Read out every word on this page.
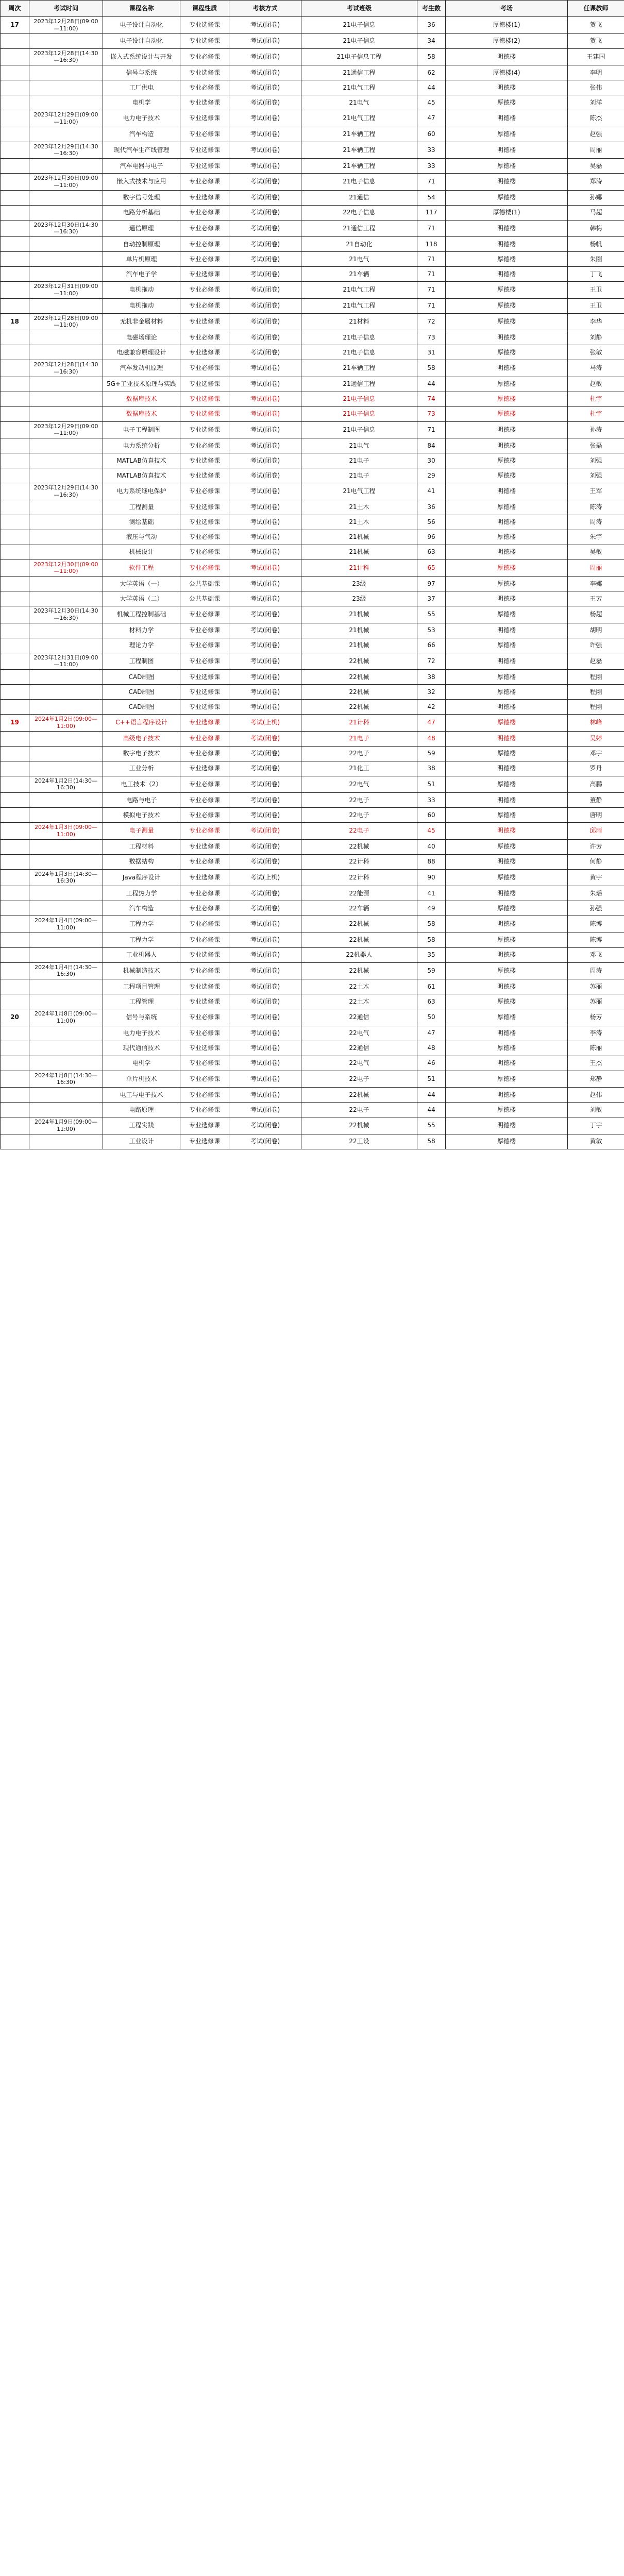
周次	考试时间	课程名称	课程性质	考核方式	考试班级	考生数	考场	任课教师
17	2023年12月28日(09:00—11:00)	电子设计自动化	专业选修课	考试(闭卷)	21电子信息	36	厚德楼(1)	贺飞
		电子设计自动化	专业选修课	考试(闭卷)	21电子信息	34	厚德楼(2)	贺飞
	2023年12月28日(14:30—16:30)	嵌入式系统设计与开发	专业必修课	考试(闭卷)	21电子信息工程	58	明德楼	王建国
		信号与系统	专业选修课	考试(闭卷)	21通信工程	62	厚德楼(4)	李明
		工厂供电	专业必修课	考试(闭卷)	21电气工程	44	明德楼	张伟
		电机学	专业选修课	考试(闭卷)	21电气	45	厚德楼	刘洋
	2023年12月29日(09:00—11:00)	电力电子技术	专业选修课	考试(闭卷)	21电气工程	47	明德楼	陈杰
		汽车构造	专业必修课	考试(闭卷)	21车辆工程	60	厚德楼	赵强
	2023年12月29日(14:30—16:30)	现代汽车生产线管理	专业选修课	考试(闭卷)	21车辆工程	33	明德楼	周丽
		汽车电器与电子	专业选修课	考试(闭卷)	21车辆工程	33	厚德楼	吴磊
	2023年12月30日(09:00—11:00)	嵌入式技术与应用	专业必修课	考试(闭卷)	21电子信息	71	明德楼	郑涛
		数字信号处理	专业选修课	考试(闭卷)	21通信	54	厚德楼	孙娜
		电路分析基础	专业必修课	考试(闭卷)	22电子信息	117	厚德楼(1)	马超
	2023年12月30日(14:30—16:30)	通信原理	专业必修课	考试(闭卷)	21通信工程	71	明德楼	韩梅
		自动控制原理	专业必修课	考试(闭卷)	21自动化	118	明德楼	杨帆
		单片机原理	专业必修课	考试(闭卷)	21电气	71	厚德楼	朱刚
		汽车电子学	专业选修课	考试(闭卷)	21车辆	71	明德楼	丁飞
	2023年12月31日(09:00—11:00)	电机拖动	专业必修课	考试(闭卷)	21电气工程	71	厚德楼	王卫
		电机拖动	专业必修课	考试(闭卷)	21电气工程	71	厚德楼	王卫
18	2023年12月28日(09:00—11:00)	无机非金属材料	专业选修课	考试(闭卷)	21材料	72	厚德楼	李华
		电磁场理论	专业必修课	考试(闭卷)	21电子信息	73	明德楼	刘静
		电磁兼容原理设计	专业选修课	考试(闭卷)	21电子信息	31	厚德楼	张敏
	2023年12月28日(14:30—16:30)	汽车发动机原理	专业必修课	考试(闭卷)	21车辆工程	58	明德楼	马涛
		5G+工业技术原理与实践	专业选修课	考试(闭卷)	21通信工程	44	厚德楼	赵敏
		数据库技术	专业选修课	考试(闭卷)	21电子信息	74	厚德楼	杜宇
		数据库技术	专业选修课	考试(闭卷)	21电子信息	73	厚德楼	杜宇
	2023年12月29日(09:00—11:00)	电子工程制图	专业选修课	考试(闭卷)	21电子信息	71	明德楼	孙涛
		电力系统分析	专业必修课	考试(闭卷)	21电气	84	明德楼	张磊
		MATLAB仿真技术	专业选修课	考试(闭卷)	21电子	30	厚德楼	刘强
		MATLAB仿真技术	专业选修课	考试(闭卷)	21电子	29	厚德楼	刘强
	2023年12月29日(14:30—16:30)	电力系统继电保护	专业必修课	考试(闭卷)	21电气工程	41	明德楼	王军
		工程测量	专业选修课	考试(闭卷)	21土木	36	厚德楼	陈涛
		测绘基础	专业选修课	考试(闭卷)	21土木	56	明德楼	周涛
		液压与气动	专业必修课	考试(闭卷)	21机械	96	厚德楼	朱宇
		机械设计	专业必修课	考试(闭卷)	21机械	63	明德楼	吴敏
	2023年12月30日(09:00—11:00)	软件工程	专业必修课	考试(闭卷)	21计科	65	厚德楼	周丽
		大学英语（一）	公共基础课	考试(闭卷)	23级	97	厚德楼	李娜
		大学英语（二）	公共基础课	考试(闭卷)	23级	37	明德楼	王芳
	2023年12月30日(14:30—16:30)	机械工程控制基础	专业必修课	考试(闭卷)	21机械	55	厚德楼	杨超
		材料力学	专业必修课	考试(闭卷)	21机械	53	明德楼	胡明
		理论力学	专业必修课	考试(闭卷)	21机械	66	厚德楼	许强
	2023年12月31日(09:00—11:00)	工程制图	专业必修课	考试(闭卷)	22机械	72	明德楼	赵磊
		CAD制图	专业选修课	考试(闭卷)	22机械	38	厚德楼	程刚
		CAD制图	专业选修课	考试(闭卷)	22机械	32	厚德楼	程刚
		CAD制图	专业选修课	考试(闭卷)	22机械	42	明德楼	程刚
19	2024年1月2日(09:00—11:00)	C++语言程序设计	专业选修课	考试(上机)	21计科	47	厚德楼	林峰
		高级电子技术	专业必修课	考试(闭卷)	21电子	48	明德楼	吴婷
		数字电子技术	专业必修课	考试(闭卷)	22电子	59	厚德楼	邓宇
		工业分析	专业选修课	考试(闭卷)	21化工	38	明德楼	罗丹
	2024年1月2日(14:30—16:30)	电工技术（2）	专业必修课	考试(闭卷)	22电气	51	厚德楼	高鹏
		电路与电子	专业必修课	考试(闭卷)	22电子	33	明德楼	董静
		模拟电子技术	专业必修课	考试(闭卷)	22电子	60	厚德楼	唐明
	2024年1月3日(09:00—11:00)	电子测量	专业必修课	考试(闭卷)	22电子	45	明德楼	邱雨
		工程材料	专业选修课	考试(闭卷)	22机械	40	厚德楼	许芳
		数据结构	专业必修课	考试(闭卷)	22计科	88	明德楼	何静
	2024年1月3日(14:30—16:30)	Java程序设计	专业选修课	考试(上机)	22计科	90	厚德楼	黄宇
		工程热力学	专业必修课	考试(闭卷)	22能源	41	明德楼	朱瑶
		汽车构造	专业必修课	考试(闭卷)	22车辆	49	厚德楼	孙强
	2024年1月4日(09:00—11:00)	工程力学	专业必修课	考试(闭卷)	22机械	58	明德楼	陈博
		工程力学	专业必修课	考试(闭卷)	22机械	58	厚德楼	陈博
		工业机器人	专业选修课	考试(闭卷)	22机器人	35	明德楼	邓飞
	2024年1月4日(14:30—16:30)	机械制造技术	专业必修课	考试(闭卷)	22机械	59	厚德楼	周涛
		工程项目管理	专业选修课	考试(闭卷)	22土木	61	明德楼	苏丽
		工程管理	专业选修课	考试(闭卷)	22土木	63	厚德楼	苏丽
20	2024年1月8日(09:00—11:00)	信号与系统	专业必修课	考试(闭卷)	22通信	50	厚德楼	杨芳
		电力电子技术	专业必修课	考试(闭卷)	22电气	47	明德楼	李涛
		现代通信技术	专业选修课	考试(闭卷)	22通信	48	厚德楼	陈丽
		电机学	专业必修课	考试(闭卷)	22电气	46	明德楼	王杰
	2024年1月8日(14:30—16:30)	单片机技术	专业必修课	考试(闭卷)	22电子	51	厚德楼	郑静
		电工与电子技术	专业必修课	考试(闭卷)	22机械	44	明德楼	赵伟
		电路原理	专业必修课	考试(闭卷)	22电子	44	厚德楼	刘敏
	2024年1月9日(09:00—11:00)	工程实践	专业选修课	考试(闭卷)	22机械	55	明德楼	丁宇
		工业设计	专业选修课	考试(闭卷)	22工设	58	厚德楼	黄敏
